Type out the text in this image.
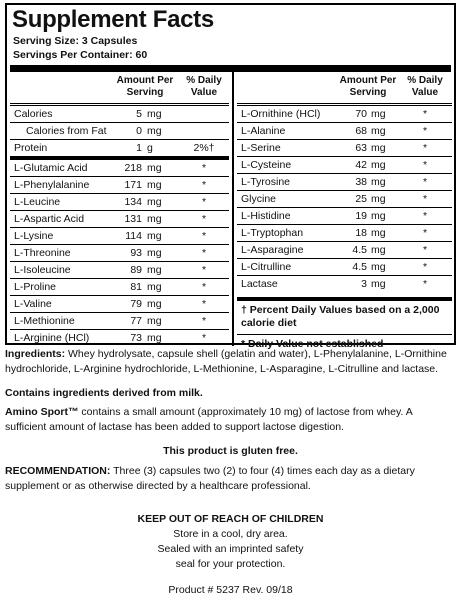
Supplement Facts
Serving Size: 3 Capsules
Servings Per Container: 60
Amount Per
Serving
% Daily
Value
Calories	5 mg
Calories from Fat	0 mg
Protein	1 g	2%†
L-Glutamic Acid	218 mg	*
L-Phenylalanine	171 mg	*
L-Leucine	134 mg	*
L-Aspartic Acid	131 mg	*
L-Lysine	114 mg	*
L-Threonine	93 mg	*
L-Isoleucine	89 mg	*
L-Proline	81 mg	*
L-Valine	79 mg	*
L-Methionine	77 mg	*
L-Arginine (HCl)	73 mg	*
Amount Per
Serving
% Daily
Value
L-Ornithine (HCl)	70 mg	*
L-Alanine	68 mg	*
L-Serine	63 mg	*
L-Cysteine	42 mg	*
L-Tyrosine	38 mg	*
Glycine	25 mg	*
L-Histidine	19 mg	*
L-Tryptophan	18 mg	*
L-Asparagine	4.5 mg	*
L-Citrulline	4.5 mg	*
Lactase	3 mg	*
† Percent Daily Values based on a 2,000 calorie diet
* Daily Value not established
Ingredients: Whey hydrolysate, capsule shell (gelatin and water), L-Phenylalanine, L-Ornithine hydrochloride, L-Arginine hydrochloride, L-Methionine, L-Asparagine, L-Citrulline and lactase.
Contains ingredients derived from milk.
Amino Sport™ contains a small amount (approximately 10 mg) of lactose from whey. A sufficient amount of lactase has been added to support lactose digestion.
This product is gluten free.
RECOMMENDATION: Three (3) capsules two (2) to four (4) times each day as a dietary supplement or as otherwise directed by a healthcare professional.
KEEP OUT OF REACH OF CHILDREN
Store in a cool, dry area.
Sealed with an imprinted safety
seal for your protection.
Product # 5237 Rev. 09/18
